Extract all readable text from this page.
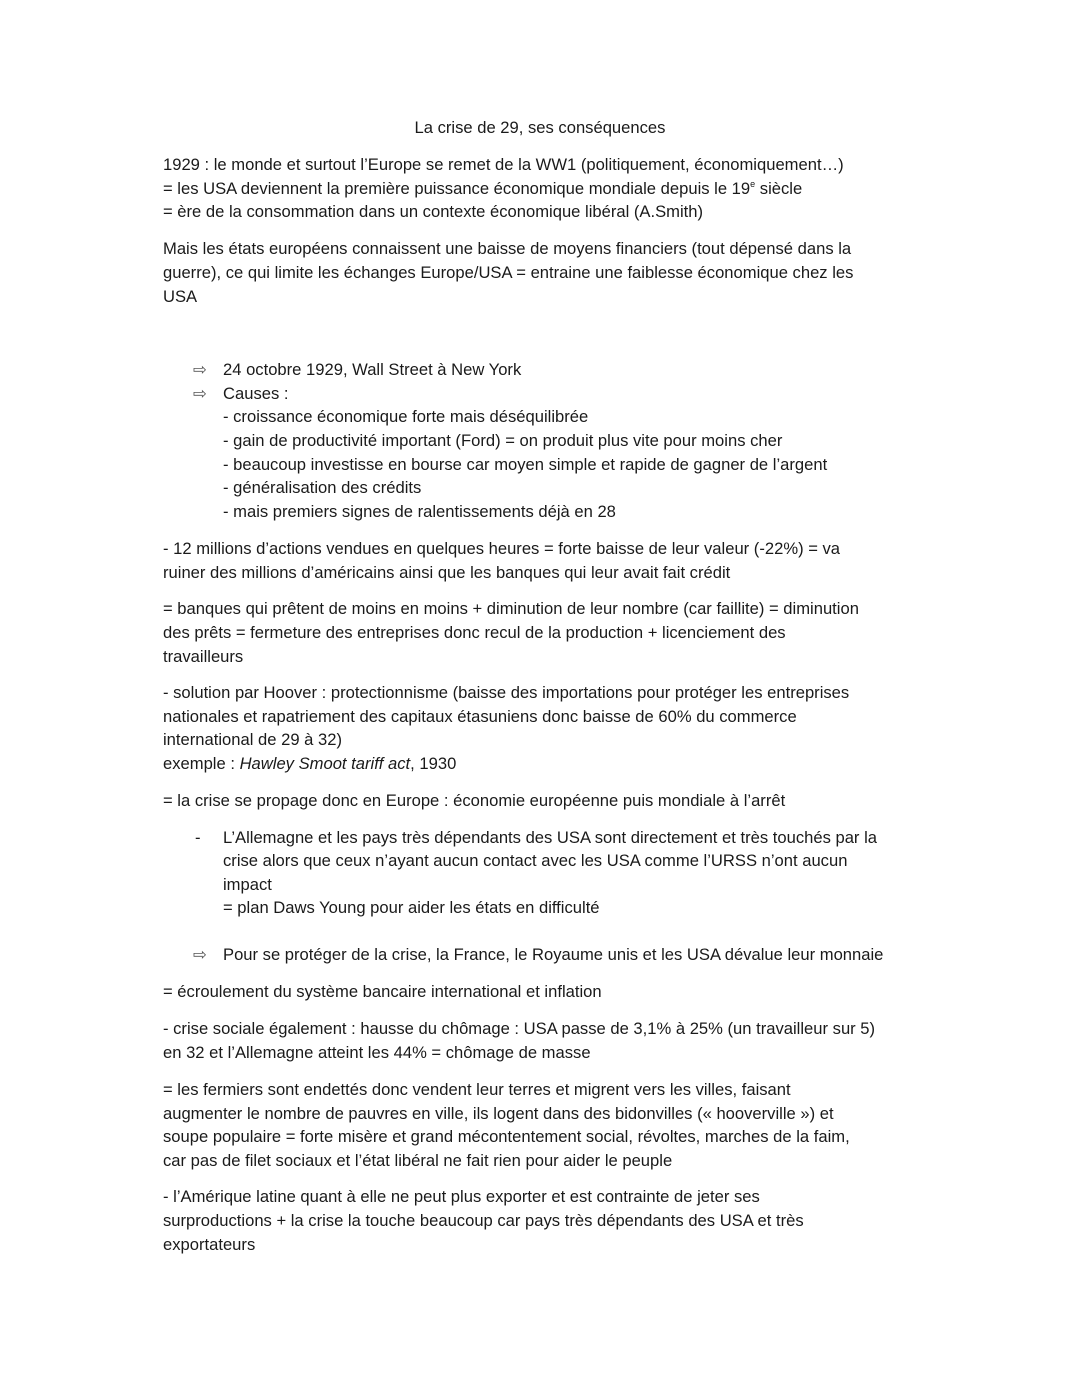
La crise de 29, ses conséquences
1929 : le monde et surtout l’Europe se remet de la WW1 (politiquement, économiquement…)
= les USA deviennent la première puissance économique mondiale depuis le 19e siècle
= ère de la consommation dans un contexte économique libéral (A.Smith)
Mais les états européens connaissent une baisse de moyens financiers (tout dépensé dans la
guerre), ce qui limite les échanges Europe/USA = entraine une faiblesse économique chez les
USA
⇨ 24 octobre 1929, Wall Street à New York
⇨ Causes :
- croissance économique forte mais déséquilibrée
- gain de productivité important (Ford) = on produit plus vite pour moins cher
- beaucoup investisse en bourse car moyen simple et rapide de gagner de l’argent
- généralisation des crédits
- mais premiers signes de ralentissements déjà en 28
- 12 millions d’actions vendues en quelques heures = forte baisse de leur valeur (-22%) = va
ruiner des millions d’américains ainsi que les banques qui leur avait fait crédit
= banques qui prêtent de moins en moins + diminution de leur nombre (car faillite) = diminution
des prêts = fermeture des entreprises donc recul de la production + licenciement des
travailleurs
- solution par Hoover : protectionnisme (baisse des importations pour protéger les entreprises
nationales et rapatriement des capitaux étasuniens donc baisse de 60% du commerce
international de 29 à 32)
exemple : Hawley Smoot tariff act, 1930
= la crise se propage donc en Europe : économie européenne puis mondiale à l’arrêt
- L’Allemagne et les pays très dépendants des USA sont directement et très touchés par la
crise alors que ceux n’ayant aucun contact avec les USA comme l’URSS n’ont aucun
impact
= plan Daws Young pour aider les états en difficulté
⇨ Pour se protéger de la crise, la France, le Royaume unis et les USA dévalue leur monnaie
= écroulement du système bancaire international et inflation
- crise sociale également : hausse du chômage : USA passe de 3,1% à 25% (un travailleur sur 5)
en 32 et l’Allemagne atteint les 44% = chômage de masse
= les fermiers sont endettés donc vendent leur terres et migrent vers les villes, faisant
augmenter le nombre de pauvres en ville, ils logent dans des bidonvilles (« hooverville ») et
soupe populaire = forte misère et grand mécontentement social, révoltes, marches de la faim,
car pas de filet sociaux et l’état libéral ne fait rien pour aider le peuple
- l’Amérique latine quant à elle ne peut plus exporter et est contrainte de jeter ses
surproductions + la crise la touche beaucoup car pays très dépendants des USA et très
exportateurs
